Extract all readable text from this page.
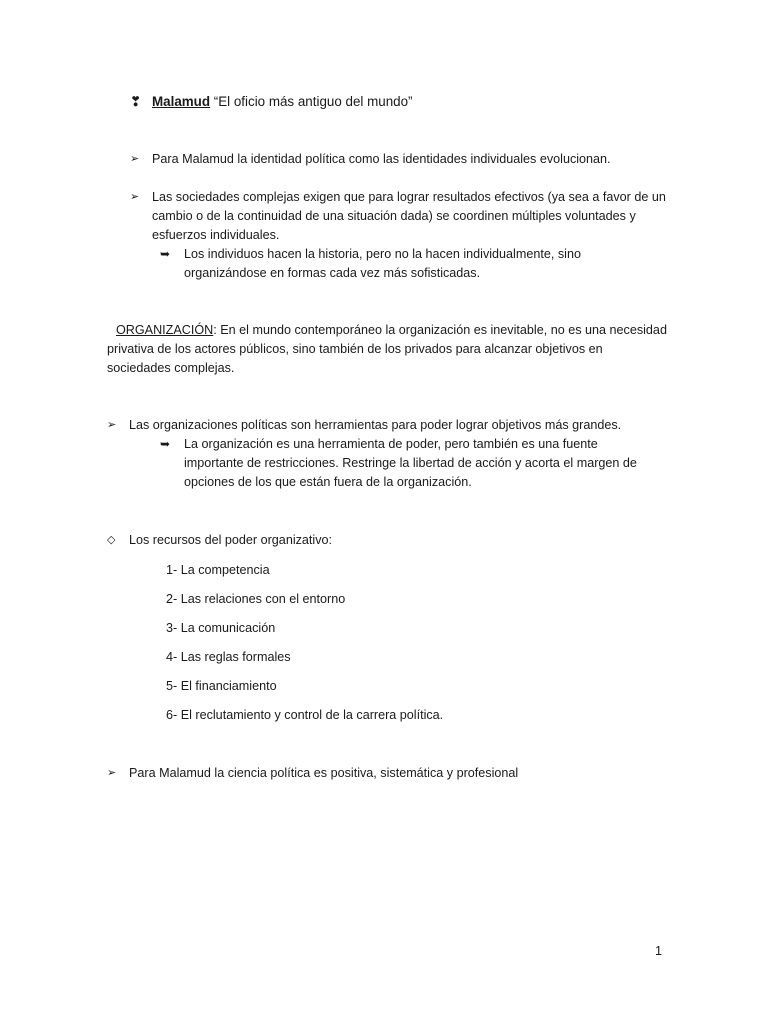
❣ Malamud “El oficio más antiguo del mundo”
➢	Para Malamud la identidad política como las identidades individuales evolucionan.
➢	Las sociedades complejas exigen que para lograr resultados efectivos (ya sea a favor de un cambio o de la continuidad de una situación dada) se coordinen múltiples voluntades y esfuerzos individuales.
➥	Los individuos hacen la historia, pero no la hacen individualmente, sino organizándose en formas cada vez más sofisticadas.
ORGANIZACIÓN: En el mundo contemporáneo la organización es inevitable, no es una necesidad privativa de los actores públicos, sino también de los privados para alcanzar objetivos en sociedades complejas.
➢	Las organizaciones políticas son herramientas para poder lograr objetivos más grandes.
➥	La organización es una herramienta de poder, pero también es una fuente importante de restricciones. Restringe la libertad de acción y acorta el margen de opciones de los que están fuera de la organización.
◇	Los recursos del poder organizativo:
1- La competencia
2- Las relaciones con el entorno
3- La comunicación
4- Las reglas formales
5- El financiamiento
6- El reclutamiento y control de la carrera política.
➢	Para Malamud la ciencia política es positiva, sistemática y profesional
1
